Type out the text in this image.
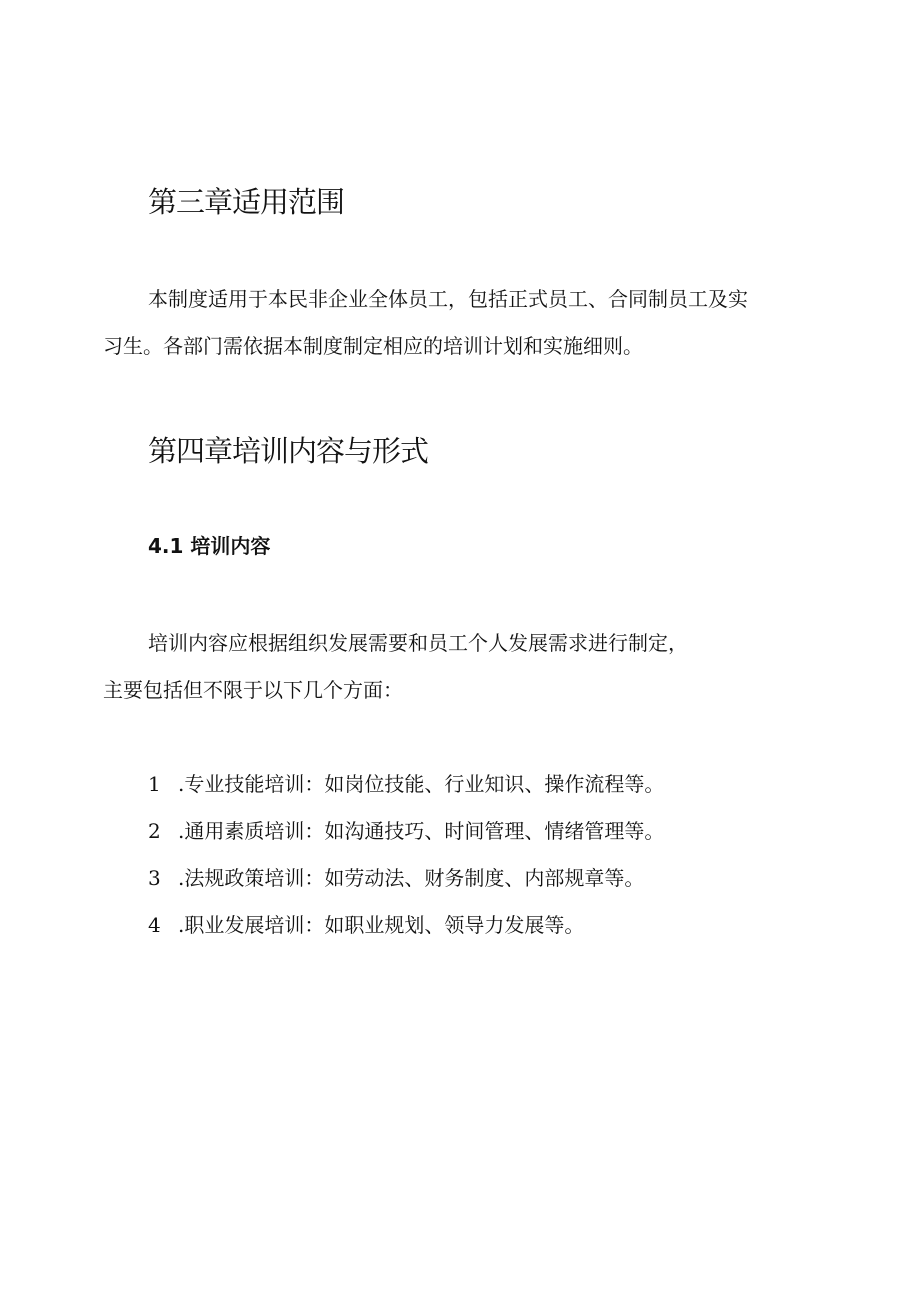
第三章适用范围

本制度适用于本民非企业全体员工，包括正式员工、合同制员工及实

习生。各部门需依据本制度制定相应的培训计划和实施细则。

第四章培训内容与形式
4.1 培训内容

培训内容应根据组织发展需要和员工个人发展需求进行制定，

主要包括但不限于以下几个方面：

1 .专业技能培训：如岗位技能、行业知识、操作流程等。

2 .通用素质培训：如沟通技巧、时间管理、情绪管理等。

3 .法规政策培训：如劳动法、财务制度、内部规章等。

4 .职业发展培训：如职业规划、领导力发展等。
